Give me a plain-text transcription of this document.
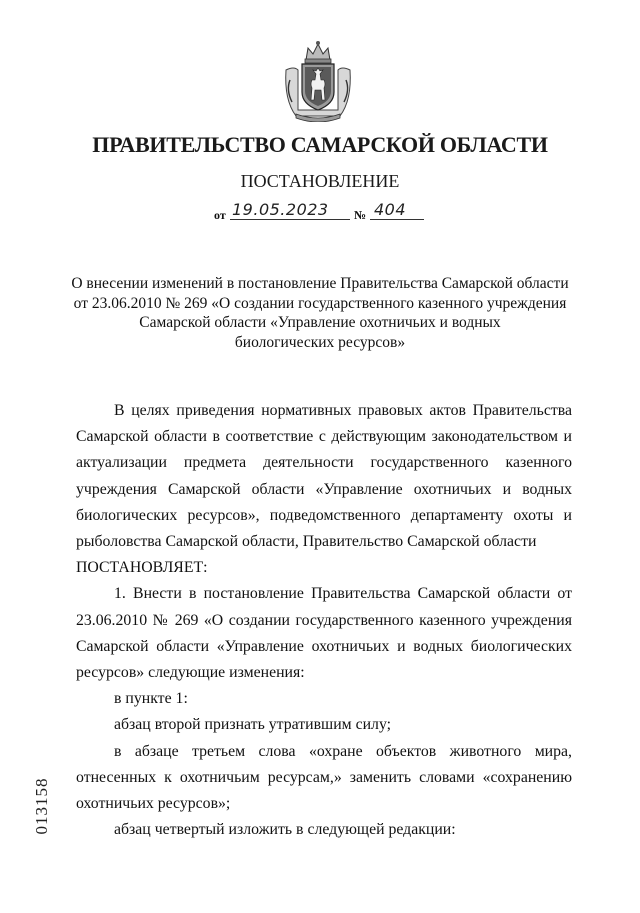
ПРАВИТЕЛЬСТВО САМАРСКОЙ ОБЛАСТИ
ПОСТАНОВЛЕНИЕ
от 19.05.2023 № 404
О внесении изменений в постановление Правительства Самарской области
от 23.06.2010 № 269 «О создании государственного казенного учреждения
Самарской области «Управление охотничьих и водных
биологических ресурсов»

В целях приведения нормативных правовых актов Правительства Самарской области в соответствие с действующим законодательством и актуализации предмета деятельности государственного казенного учреждения Самарской области «Управление охотничьих и водных биологических ресурсов», подведомственного департаменту охоты и рыболовства Самарской области, Правительство Самарской области

ПОСТАНОВЛЯЕТ:

1. Внести в постановление Правительства Самарской области от 23.06.2010 № 269 «О создании государственного казенного учреждения Самарской области «Управление охотничьих и водных биологических ресурсов» следующие изменения:

в пункте 1:

абзац второй признать утратившим силу;

в абзаце третьем слова «охране объектов животного мира, отнесенных к охотничьим ресурсам,» заменить словами «сохранению охотничьих ресурсов»;

абзац четвертый изложить в следующей редакции:

013158
